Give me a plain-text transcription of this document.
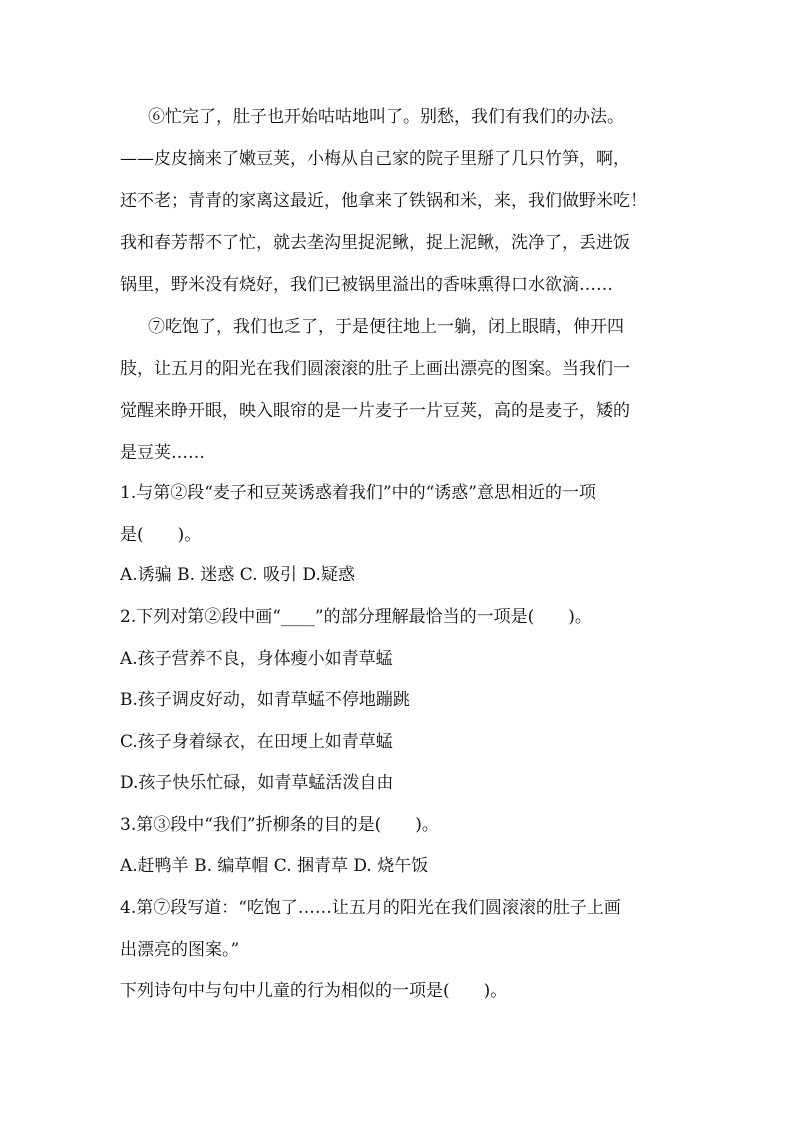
⑥忙完了，肚子也开始咕咕地叫了。别愁，我们有我们的办法。
——皮皮摘来了嫩豆荚，小梅从自己家的院子里掰了几只竹笋，啊，
还不老；青青的家离这最近，他拿来了铁锅和米，来，我们做野米吃！
我和春芳帮不了忙，就去垄沟里捉泥鳅，捉上泥鳅，洗净了，丢进饭
锅里，野米没有烧好，我们已被锅里溢出的香味熏得口水欲滴……
⑦吃饱了，我们也乏了，于是便往地上一躺，闭上眼睛，伸开四
肢，让五月的阳光在我们圆滚滚的肚子上画出漂亮的图案。当我们一
觉醒来睁开眼，映入眼帘的是一片麦子一片豆荚，高的是麦子，矮的
是豆荚……
1.与第②段“麦子和豆荚诱惑着我们”中的“诱惑”意思相近的一项
是(　　)。
A.诱骗 B. 迷惑 C. 吸引 D.疑惑
2.下列对第②段中画“____”的部分理解最恰当的一项是(　　)。
A.孩子营养不良，身体瘦小如青草蜢
B.孩子调皮好动，如青草蜢不停地蹦跳
C.孩子身着绿衣，在田埂上如青草蜢
D.孩子快乐忙碌，如青草蜢活泼自由
3.第③段中“我们”折柳条的目的是(　　)。
A.赶鸭羊 B. 编草帽 C. 捆青草 D. 烧午饭
4.第⑦段写道：“吃饱了……让五月的阳光在我们圆滚滚的肚子上画
出漂亮的图案。”
下列诗句中与句中儿童的行为相似的一项是(　　)。
